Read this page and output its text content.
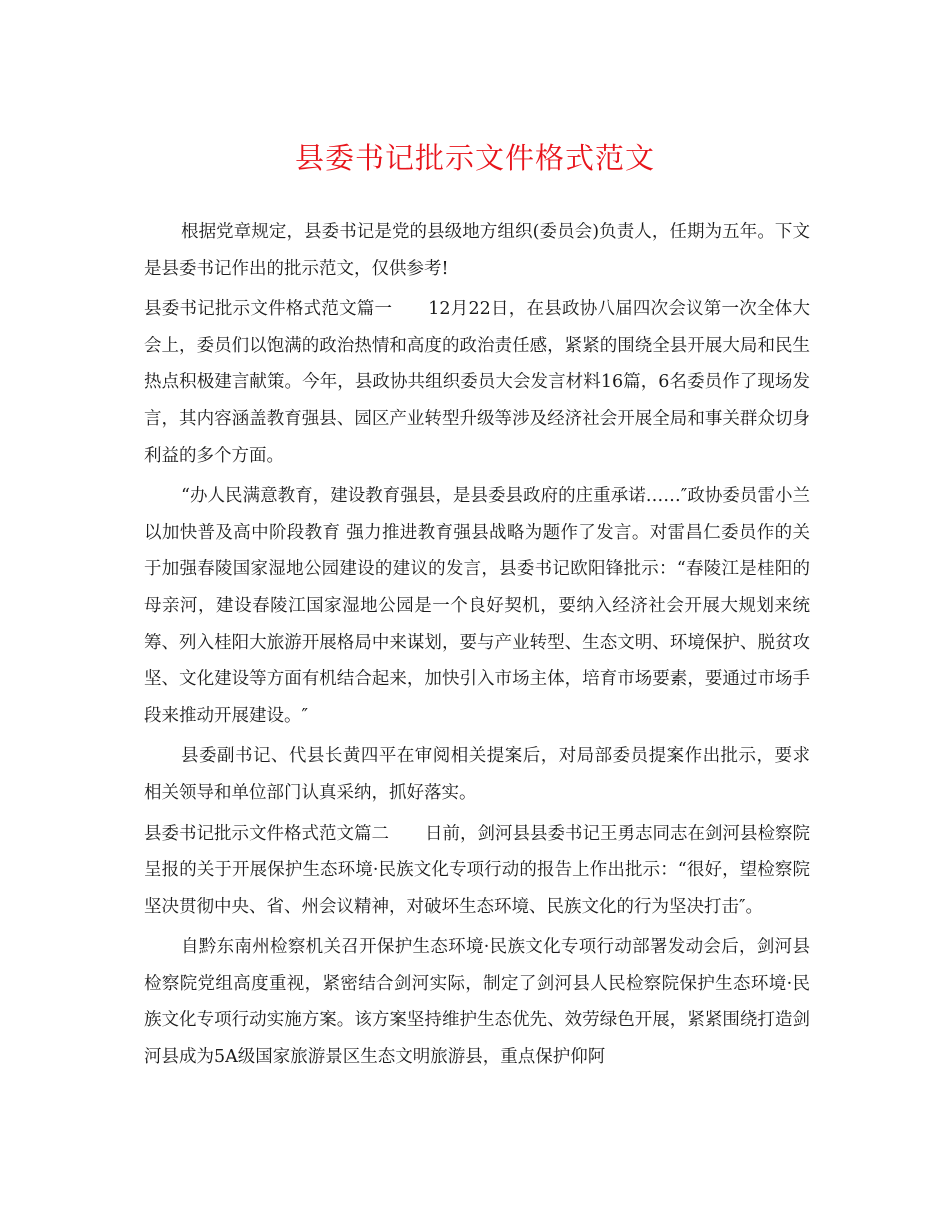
县委书记批示文件格式范文

根据党章规定，县委书记是党的县级地方组织(委员会)负责人，任期为五年。下文是县委书记作出的批示范文，仅供参考!

县委书记批示文件格式范文篇一 12月22日，在县政协八届四次会议第一次全体大会上，委员们以饱满的政治热情和高度的政治责任感，紧紧的围绕全县开展大局和民生热点积极建言献策。今年，县政协共组织委员大会发言材料16篇，6名委员作了现场发言，其内容涵盖教育强县、园区产业转型升级等涉及经济社会开展全局和事关群众切身利益的多个方面。

“办人民满意教育，建设教育强县，是县委县政府的庄重承诺……″政协委员雷小兰以加快普及高中阶段教育 强力推进教育强县战略为题作了发言。对雷昌仁委员作的关于加强春陵国家湿地公园建设的建议的发言，县委书记欧阳锋批示：“春陵江是桂阳的母亲河，建设春陵江国家湿地公园是一个良好契机，要纳入经济社会开展大规划来统筹、列入桂阳大旅游开展格局中来谋划，要与产业转型、生态文明、环境保护、脱贫攻坚、文化建设等方面有机结合起来，加快引入市场主体，培育市场要素，要通过市场手段来推动开展建设。″

县委副书记、代县长黄四平在审阅相关提案后，对局部委员提案作出批示，要求相关领导和单位部门认真采纳，抓好落实。

县委书记批示文件格式范文篇二 日前，剑河县县委书记王勇志同志在剑河县检察院呈报的关于开展保护生态环境·民族文化专项行动的报告上作出批示：“很好，望检察院坚决贯彻中央、省、州会议精神，对破坏生态环境、民族文化的行为坚决打击″。

自黔东南州检察机关召开保护生态环境·民族文化专项行动部署发动会后，剑河县检察院党组高度重视，紧密结合剑河实际，制定了剑河县人民检察院保护生态环境·民族文化专项行动实施方案。该方案坚持维护生态优先、效劳绿色开展，紧紧围绕打造剑河县成为5A级国家旅游景区生态文明旅游县，重点保护仰阿
